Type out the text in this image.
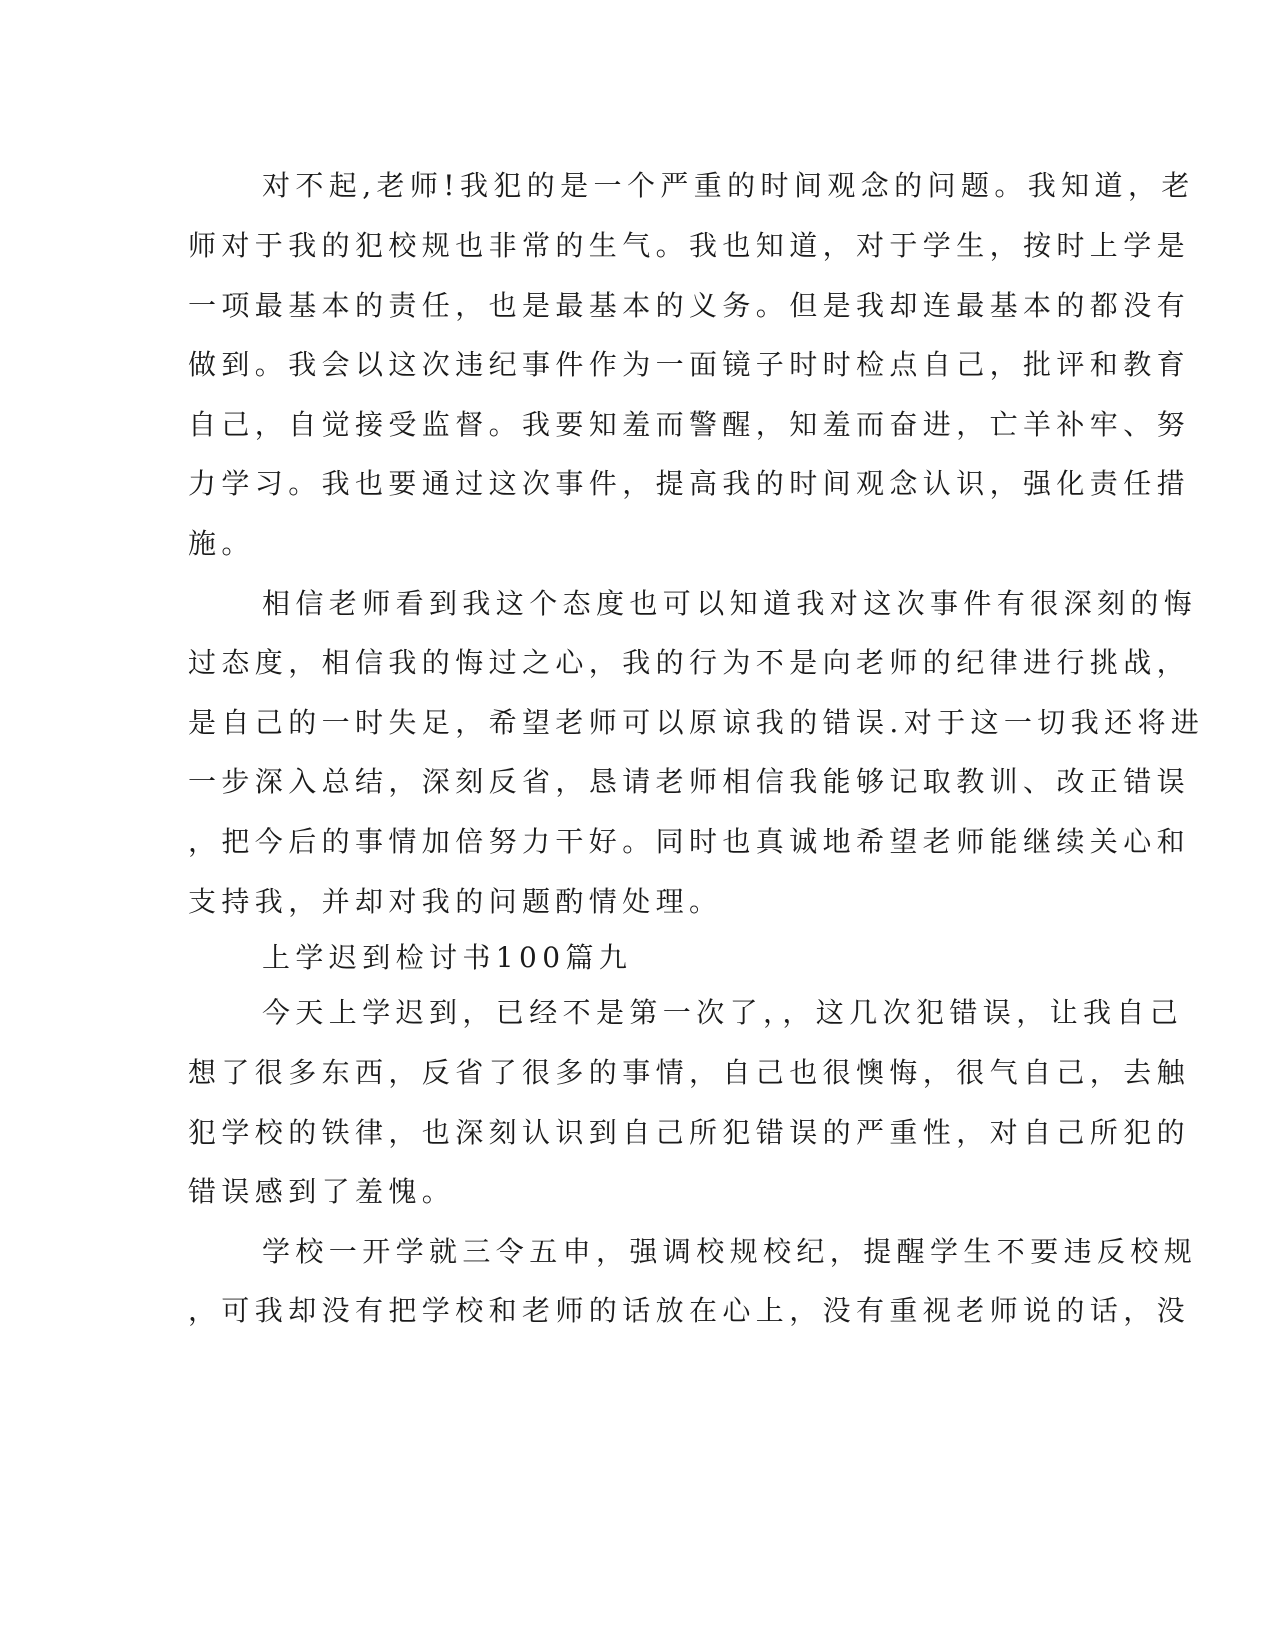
对不起,老师!我犯的是一个严重的时间观念的问题。我知道，老
师对于我的犯校规也非常的生气。我也知道，对于学生，按时上学是
一项最基本的责任，也是最基本的义务。但是我却连最基本的都没有
做到。我会以这次违纪事件作为一面镜子时时检点自己，批评和教育
自己，自觉接受监督。我要知羞而警醒，知羞而奋进，亡羊补牢、努
力学习。我也要通过这次事件，提高我的时间观念认识，强化责任措
施。
相信老师看到我这个态度也可以知道我对这次事件有很深刻的悔
过态度，相信我的悔过之心，我的行为不是向老师的纪律进行挑战，
是自己的一时失足，希望老师可以原谅我的错误.对于这一切我还将进
一步深入总结，深刻反省，恳请老师相信我能够记取教训、改正错误
，把今后的事情加倍努力干好。同时也真诚地希望老师能继续关心和
支持我，并却对我的问题酌情处理。
上学迟到检讨书100篇九
今天上学迟到，已经不是第一次了，，这几次犯错误，让我自己
想了很多东西，反省了很多的事情，自己也很懊悔，很气自己，去触
犯学校的铁律，也深刻认识到自己所犯错误的严重性，对自己所犯的
错误感到了羞愧。
学校一开学就三令五申，强调校规校纪，提醒学生不要违反校规
，可我却没有把学校和老师的话放在心上，没有重视老师说的话，没
